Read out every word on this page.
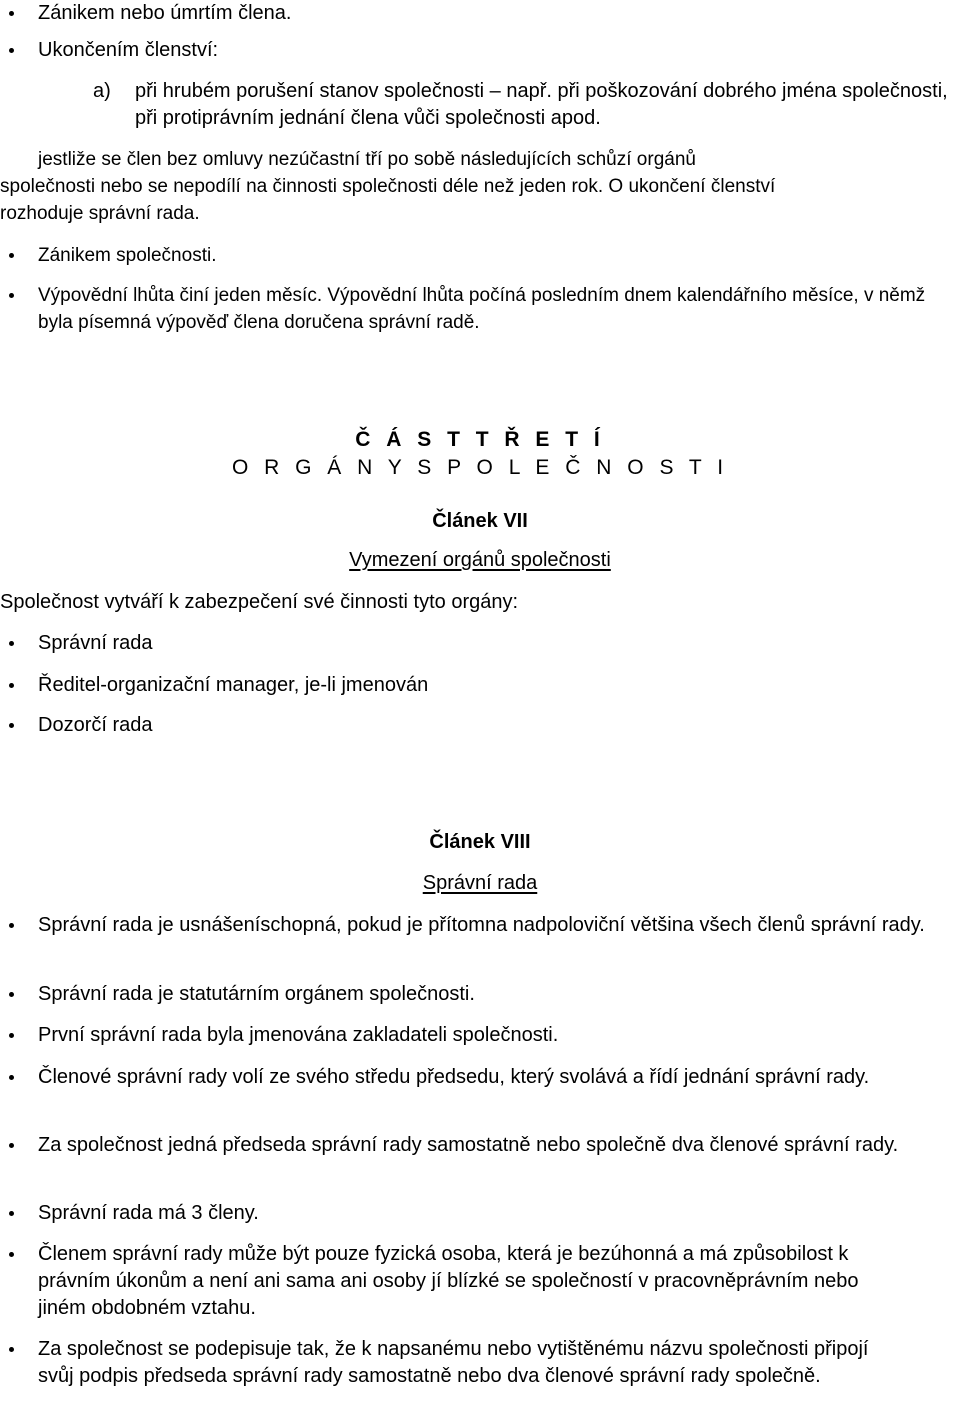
Zánikem nebo úmrtím člena.
Ukončením členství:
a)	při hrubém porušení stanov společnosti – např. při poškozování dobrého jména společnosti, při protiprávním jednání člena vůči společnosti apod.
jestliže se člen bez omluvy nezúčastní tří po sobě následujících schůzí orgánů
společnosti nebo se nepodílí na činnosti společnosti déle než jeden rok. O ukončení členství
rozhoduje správní rada.
Zánikem společnosti.
Výpovědní lhůta činí jeden měsíc. Výpovědní lhůta počíná posledním dnem kalendářního měsíce, v němž byla písemná výpověď člena doručena správní radě.
Č Á S T T Ř E T Í
O R G Á N Y S P O L E Č N O S T I
Článek VII
Vymezení orgánů společnosti
Společnost vytváří k zabezpečení své činnosti tyto orgány:
Správní rada
Ředitel-organizační manager, je-li jmenován
Dozorčí rada
Článek VIII
Správní rada
Správní rada je usnášeníschopná, pokud je přítomna nadpoloviční většina všech členů správní rady.
Správní rada je statutárním orgánem společnosti.
První správní rada byla jmenována zakladateli společnosti.
Členové správní rady volí ze svého středu předsedu, který svolává a řídí jednání správní rady.
Za společnost jedná předseda správní rady samostatně nebo společně dva členové správní rady.
Správní rada má 3 členy.
Členem správní rady může být pouze fyzická osoba, která je bezúhonná a má způsobilost k právním úkonům a není ani sama ani osoby jí blízké se společností v pracovněprávním nebo jiném obdobném vztahu.
Za společnost se podepisuje tak, že k napsanému nebo vytištěnému názvu společnosti připojí svůj podpis předseda správní rady samostatně nebo dva členové správní rady společně.
